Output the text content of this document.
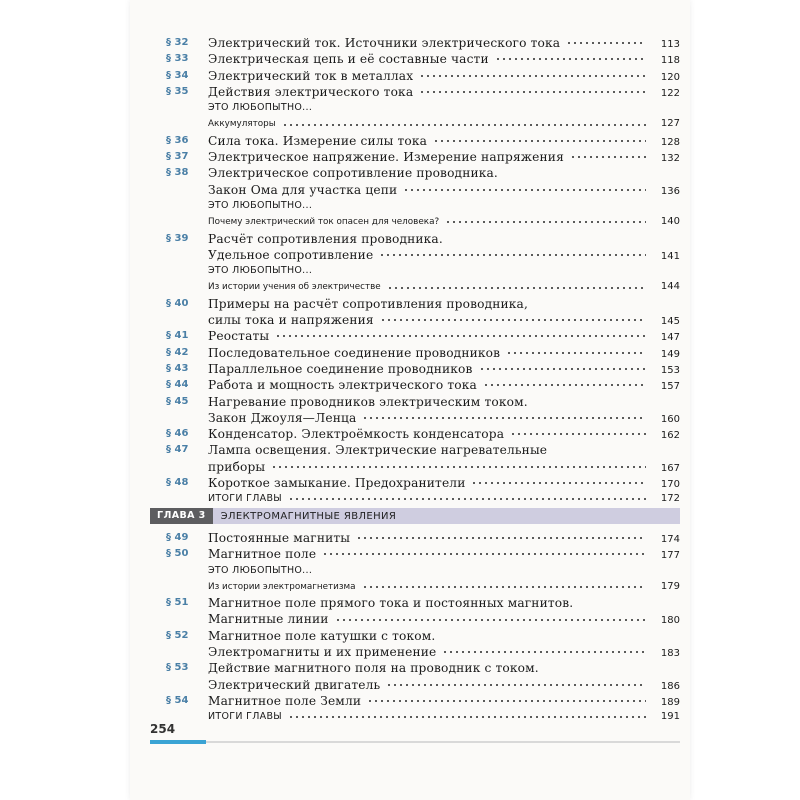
§ 32	Электрический ток. Источники электрического тока	113
§ 33	Электрическая цепь и её составные части	118
§ 34	Электрический ток в металлах	120
§ 35	Действия электрического тока	122
ЭТО ЛЮБОПЫТНО...
Аккумуляторы	127
§ 36	Сила тока. Измерение силы тока	128
§ 37	Электрическое напряжение. Измерение напряжения	132
§ 38	Электрическое сопротивление проводника.
Закон Ома для участка цепи	136
ЭТО ЛЮБОПЫТНО...
Почему электрический ток опасен для человека?	140
§ 39	Расчёт сопротивления проводника.
Удельное сопротивление	141
ЭТО ЛЮБОПЫТНО...
Из истории учения об электричестве	144
§ 40	Примеры на расчёт сопротивления проводника,
силы тока и напряжения	145
§ 41	Реостаты	147
§ 42	Последовательное соединение проводников	149
§ 43	Параллельное соединение проводников	153
§ 44	Работа и мощность электрического тока	157
§ 45	Нагревание проводников электрическим током.
Закон Джоуля—Ленца	160
§ 46	Конденсатор. Электроёмкость конденсатора	162
§ 47	Лампа освещения. Электрические нагревательные
приборы	167
§ 48	Короткое замыкание. Предохранители	170
ИТОГИ ГЛАВЫ	172
ГЛАВА 3	ЭЛЕКТРОМАГНИТНЫЕ ЯВЛЕНИЯ
§ 49	Постоянные магниты	174
§ 50	Магнитное поле	177
ЭТО ЛЮБОПЫТНО...
Из истории электромагнетизма	179
§ 51	Магнитное поле прямого тока и постоянных магнитов.
Магнитные линии	180
§ 52	Магнитное поле катушки с током.
Электромагниты и их применение	183
§ 53	Действие магнитного поля на проводник с током.
Электрический двигатель	186
§ 54	Магнитное поле Земли	189
ИТОГИ ГЛАВЫ	191
254
